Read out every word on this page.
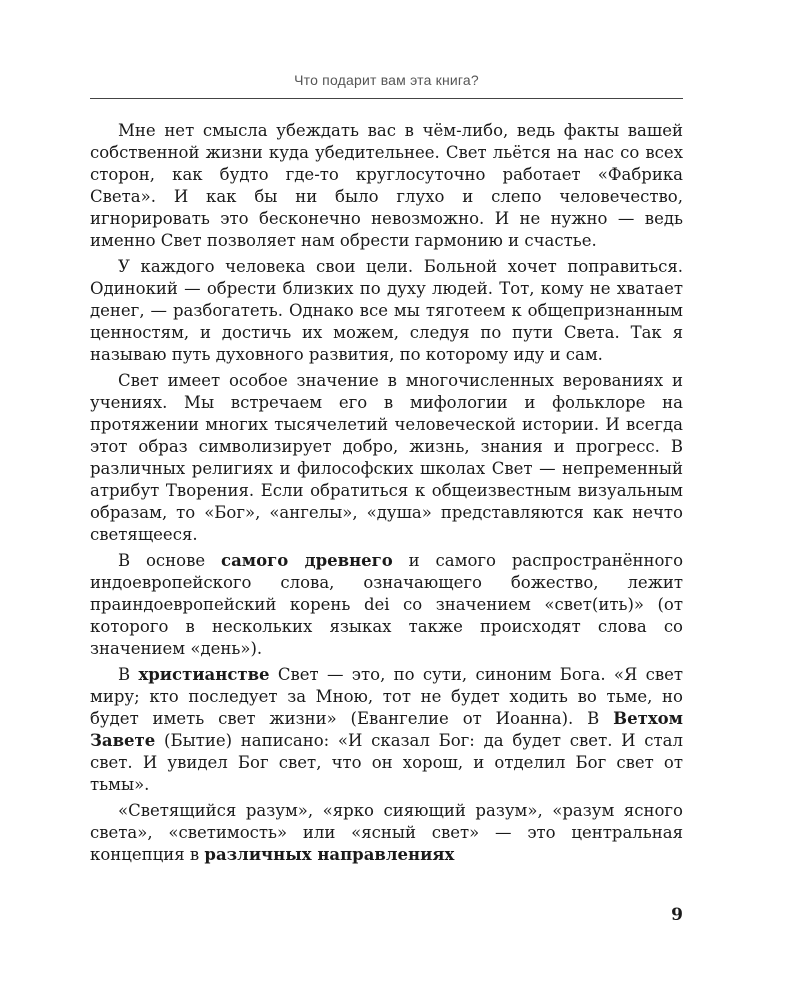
Что подарит вам эта книга?

Мне нет смысла убеждать вас в чём-либо, ведь факты вашей собственной жизни куда убедительнее. Свет льётся на нас со всех сторон, как будто где-то круглосуточно работает «Фабрика Света». И как бы ни было глухо и слепо человечество, игнорировать это бесконечно невозможно. И не нужно — ведь именно Свет позволяет нам обрести гармонию и счастье.

У каждого человека свои цели. Больной хочет поправиться. Одинокий — обрести близких по духу людей. Тот, кому не хватает денег, — разбогатеть. Однако все мы тяготеем к общепризнанным ценностям, и достичь их можем, следуя по пути Света. Так я называю путь духовного развития, по которому иду и сам.

Свет имеет особое значение в многочисленных верованиях и учениях. Мы встречаем его в мифологии и фольклоре на протяжении многих тысячелетий человеческой истории. И всегда этот образ символизирует добро, жизнь, знания и прогресс. В различных религиях и философских школах Свет — непременный атрибут Творения. Если обратиться к общеизвестным визуальным образам, то «Бог», «ангелы», «душа» представляются как нечто светящееся.

В основе самого древнего и самого распространённого индоевропейского слова, означающего божество, лежит праиндоевропейский корень dei со значением «свет(ить)» (от которого в нескольких языках также происходят слова со значением «день»).

В христианстве Свет — это, по сути, синоним Бога. «Я свет миру; кто последует за Мною, тот не будет ходить во тьме, но будет иметь свет жизни» (Евангелие от Иоанна). В Ветхом Завете (Бытие) написано: «И сказал Бог: да будет свет. И стал свет. И увидел Бог свет, что он хорош, и отделил Бог свет от тьмы».

«Светящийся разум», «ярко сияющий разум», «разум ясного света», «светимость» или «ясный свет» — это центральная концепция в различных направлениях

9
